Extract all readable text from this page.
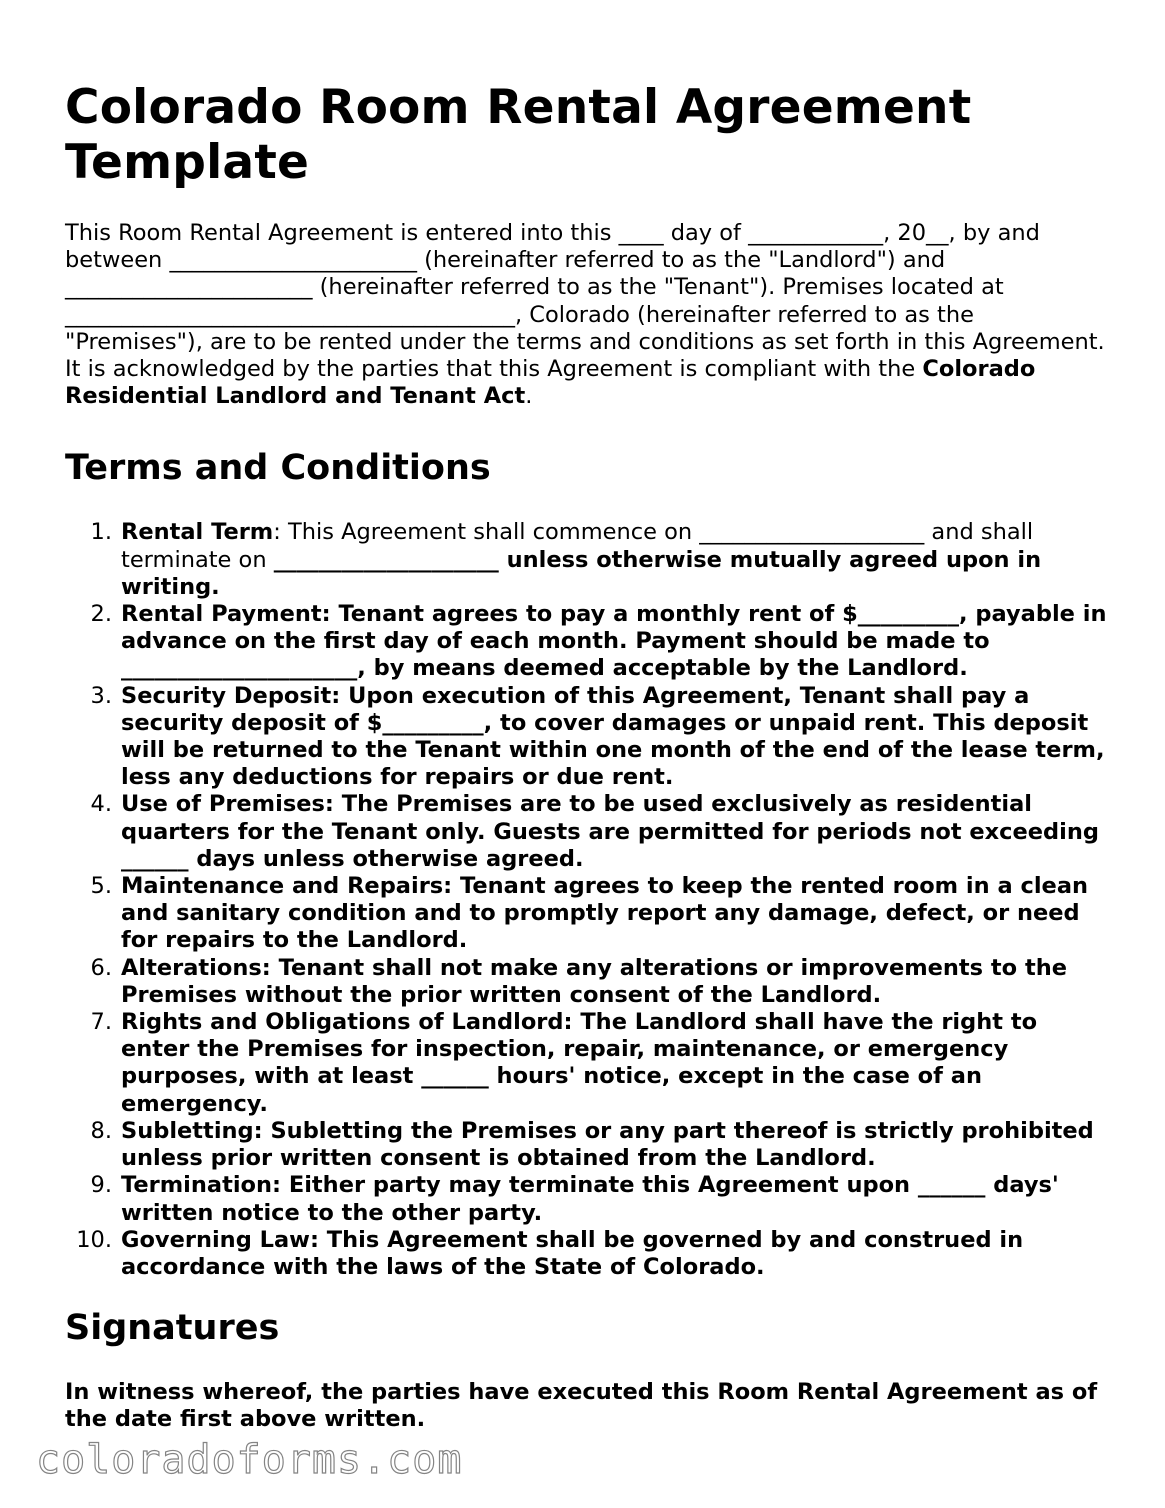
Colorado Room Rental Agreement Template

This Room Rental Agreement is entered into this ____ day of ____________, 20__, by and between ______________________ (hereinafter referred to as the "Landlord") and ______________________ (hereinafter referred to as the "Tenant"). Premises located at ________________________________________, Colorado (hereinafter referred to as the "Premises"), are to be rented under the terms and conditions as set forth in this Agreement. It is acknowledged by the parties that this Agreement is compliant with the Colorado Residential Landlord and Tenant Act.

Terms and Conditions
1. Rental Term: This Agreement shall commence on ____________________ and shall terminate on ____________________ unless otherwise mutually agreed upon in writing.
2. Rental Payment: Tenant agrees to pay a monthly rent of $_________, payable in advance on the first day of each month. Payment should be made to _____________________, by means deemed acceptable by the Landlord.
3. Security Deposit: Upon execution of this Agreement, Tenant shall pay a security deposit of $_________, to cover damages or unpaid rent. This deposit will be returned to the Tenant within one month of the end of the lease term, less any deductions for repairs or due rent.
4. Use of Premises: The Premises are to be used exclusively as residential quarters for the Tenant only. Guests are permitted for periods not exceeding ______ days unless otherwise agreed.
5. Maintenance and Repairs: Tenant agrees to keep the rented room in a clean and sanitary condition and to promptly report any damage, defect, or need for repairs to the Landlord.
6. Alterations: Tenant shall not make any alterations or improvements to the Premises without the prior written consent of the Landlord.
7. Rights and Obligations of Landlord: The Landlord shall have the right to enter the Premises for inspection, repair, maintenance, or emergency purposes, with at least ______ hours' notice, except in the case of an emergency.
8. Subletting: Subletting the Premises or any part thereof is strictly prohibited unless prior written consent is obtained from the Landlord.
9. Termination: Either party may terminate this Agreement upon ______ days' written notice to the other party.
10. Governing Law: This Agreement shall be governed by and construed in accordance with the laws of the State of Colorado.
Signatures

In witness whereof, the parties have executed this Room Rental Agreement as of the date first above written.

coloradoforms.com
